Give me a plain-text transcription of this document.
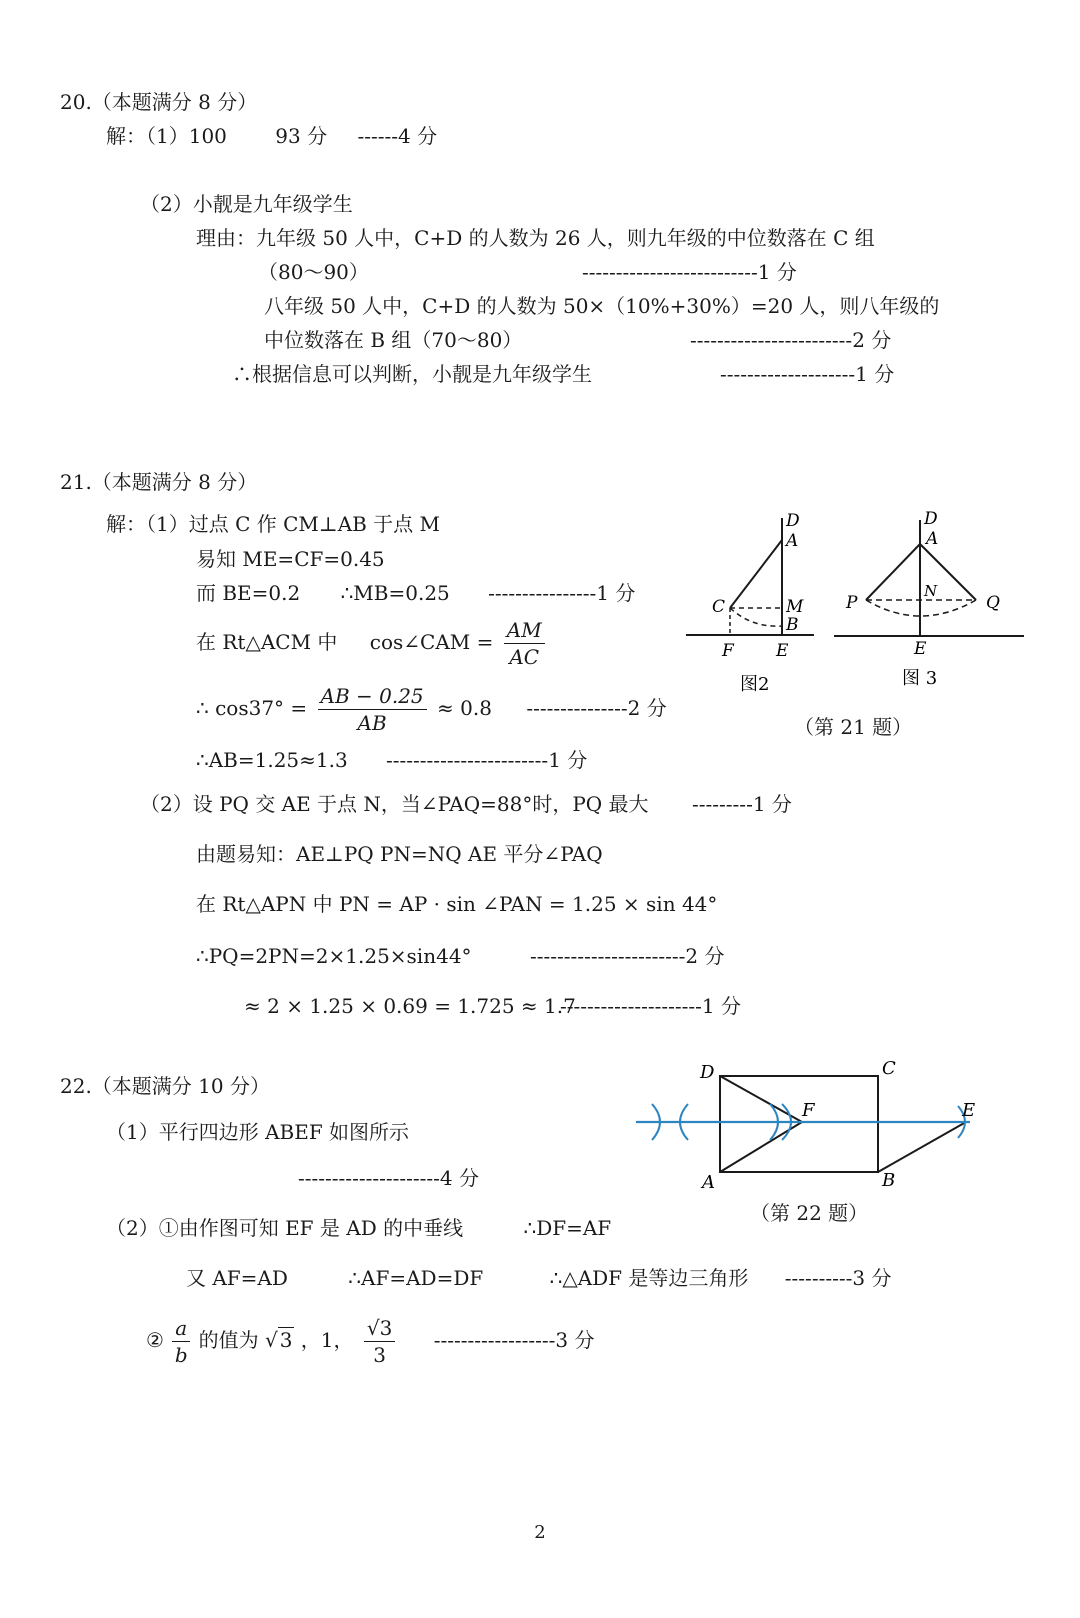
20.（本题满分 8 分）
解：（1）100 93 分 ------4 分
（2）小靓是九年级学生
理由：九年级 50 人中，C+D 的人数为 26 人，则九年级的中位数落在 C 组
（80～90）	--------------------------1 分
八年级 50 人中，C+D 的人数为 50×（10%+30%）=20 人，则八年级的
中位数落在 B 组（70～80）	------------------------2 分
∴根据信息可以判断，小靓是九年级学生	--------------------1 分
21.（本题满分 8 分）
解：（1）过点 C 作 CM⊥AB 于点 M
易知 ME=CF=0.45
而 BE=0.2 ∴MB=0.25 ----------------1 分
在 Rt△ACM 中 cos∠CAM = $\frac{AM}{AC}$
∴ $\cos 37^\circ = \frac{AB - 0.25}{AB} \approx 0.8$ ---------------2 分
∴AB=1.25≈1.3 ------------------------1 分
（2）设 PQ 交 AE 于点 N，当∠PAQ=88°时，PQ 最大 ---------1 分
由题易知：AE⊥PQ PN=NQ AE 平分∠PAQ
在 Rt△APN 中 PN = AP · sin ∠PAN = 1.25 × sin 44°
∴PQ=2PN=2×1.25×sin44°	-----------------------2 分
≈ 2 × 1.25 × 0.69 = 1.725 ≈ 1.7
---------------------1 分
D
A
C	M
B
F E
图2
D
A
P
N
Q
E
图 3
（第 21 题）
22.（本题满分 10 分）
（1）平行四边形 ABEF 如图所示
---------------------4 分
（2）①由作图可知 EF 是 AD 的中垂线	∴DF=AF
又 AF=AD	∴AF=AD=DF	∴△ADF 是等边三角形 ----------3 分
② $\frac{a}{b}$ 的值为 √ 3 ，1， $\frac{√3}{3} ------------------3$ 分
D	C
F	E
A	B
（第 22 题）
2
